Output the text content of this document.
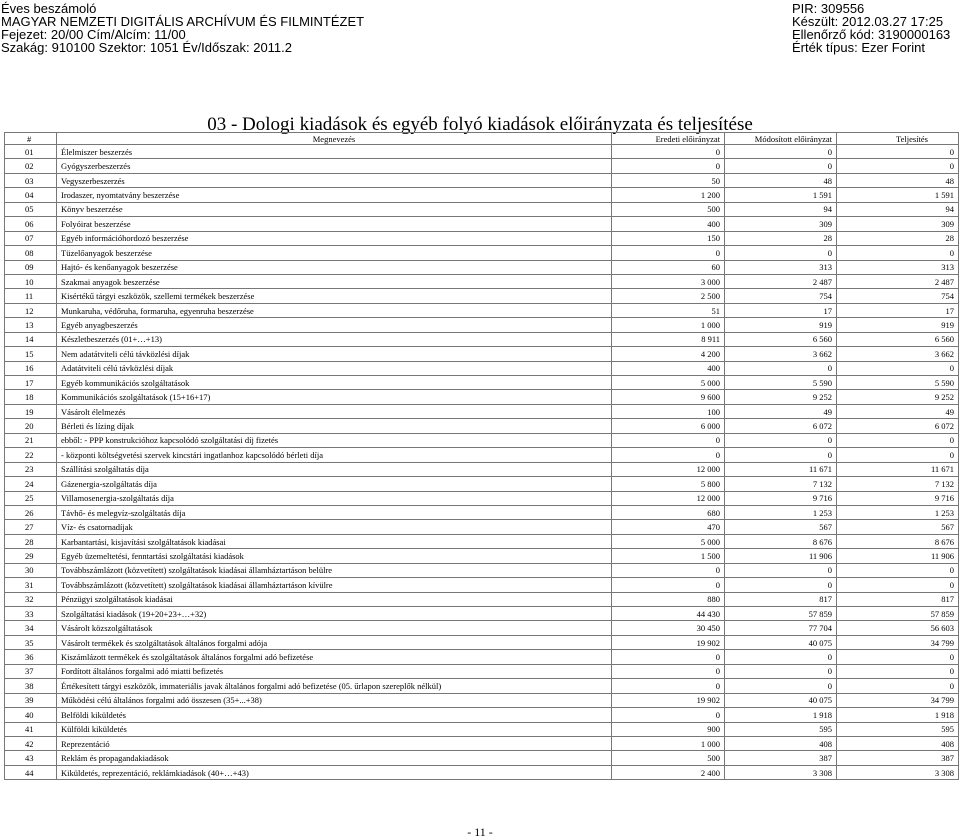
Éves beszámoló
MAGYAR NEMZETI DIGITÁLIS ARCHÍVUM ÉS FILMINTÉZET
Fejezet: 20/00 Cím/Alcím: 11/00
Szakág: 910100 Szektor: 1051 Év/Időszak: 2011.2
PIR: 309556
Készült: 2012.03.27 17:25
Ellenőrző kód: 3190000163
Érték típus: Ezer Forint
03 - Dologi kiadások és egyéb folyó kiadások előirányzata és teljesítése
#	Megnevezés	Eredeti előirányzat	Módosított előirányzat	Teljesítés
01	Élelmiszer beszerzés	0	0	0
02	Gyógyszerbeszerzés	0	0	0
03	Vegyszerbeszerzés	50	48	48
04	Irodaszer, nyomtatvány beszerzése	1 200	1 591	1 591
05	Könyv beszerzése	500	94	94
06	Folyóirat beszerzése	400	309	309
07	Egyéb információhordozó beszerzése	150	28	28
08	Tüzelőanyagok beszerzése	0	0	0
09	Hajtó- és kenőanyagok beszerzése	60	313	313
10	Szakmai anyagok beszerzése	3 000	2 487	2 487
11	Kisértékű tárgyi eszközök, szellemi termékek beszerzése	2 500	754	754
12	Munkaruha, védőruha, formaruha, egyenruha beszerzése	51	17	17
13	Egyéb anyagbeszerzés	1 000	919	919
14	Készletbeszerzés (01+…+13)	8 911	6 560	6 560
15	Nem adatátviteli célú távközlési díjak	4 200	3 662	3 662
16	Adatátviteli célú távközlési díjak	400	0	0
17	Egyéb kommunikációs szolgáltatások	5 000	5 590	5 590
18	Kommunikációs szolgáltatások (15+16+17)	9 600	9 252	9 252
19	Vásárolt élelmezés	100	49	49
20	Bérleti és lízing díjak	6 000	6 072	6 072
21	ebből: - PPP konstrukcióhoz kapcsolódó szolgáltatási díj fizetés	0	0	0
22	- központi költségvetési szervek kincstári ingatlanhoz kapcsolódó bérleti díja	0	0	0
23	Szállítási szolgáltatás díja	12 000	11 671	11 671
24	Gázenergia-szolgáltatás díja	5 800	7 132	7 132
25	Villamosenergia-szolgáltatás díja	12 000	9 716	9 716
26	Távhő- és melegvíz-szolgáltatás díja	680	1 253	1 253
27	Víz- és csatornadíjak	470	567	567
28	Karbantartási, kisjavítási szolgáltatások kiadásai	5 000	8 676	8 676
29	Egyéb üzemeltetési, fenntartási szolgáltatási kiadások	1 500	11 906	11 906
30	Továbbszámlázott (közvetített) szolgáltatások kiadásai államháztartáson belülre	0	0	0
31	Továbbszámlázott (közvetített) szolgáltatások kiadásai államháztartáson kívülre	0	0	0
32	Pénzügyi szolgáltatások kiadásai	880	817	817
33	Szolgáltatási kiadások (19+20+23+…+32)	44 430	57 859	57 859
34	Vásárolt közszolgáltatások	30 450	77 704	56 603
35	Vásárolt termékek és szolgáltatások általános forgalmi adója	19 902	40 075	34 799
36	Kiszámlázott termékek és szolgáltatások általános forgalmi adó befizetése	0	0	0
37	Fordított általános forgalmi adó miatti befizetés	0	0	0
38	Értékesített tárgyi eszközök, immateriális javak általános forgalmi adó befizetése (05. űrlapon szereplők nélkül)	0	0	0
39	Működési célú általános forgalmi adó összesen (35+...+38)	19 902	40 075	34 799
40	Belföldi kiküldetés	0	1 918	1 918
41	Külföldi kiküldetés	900	595	595
42	Reprezentáció	1 000	408	408
43	Reklám és propagandakiadások	500	387	387
44	Kiküldetés, reprezentáció, reklámkiadások (40+…+43)	2 400	3 308	3 308
- 11 -
